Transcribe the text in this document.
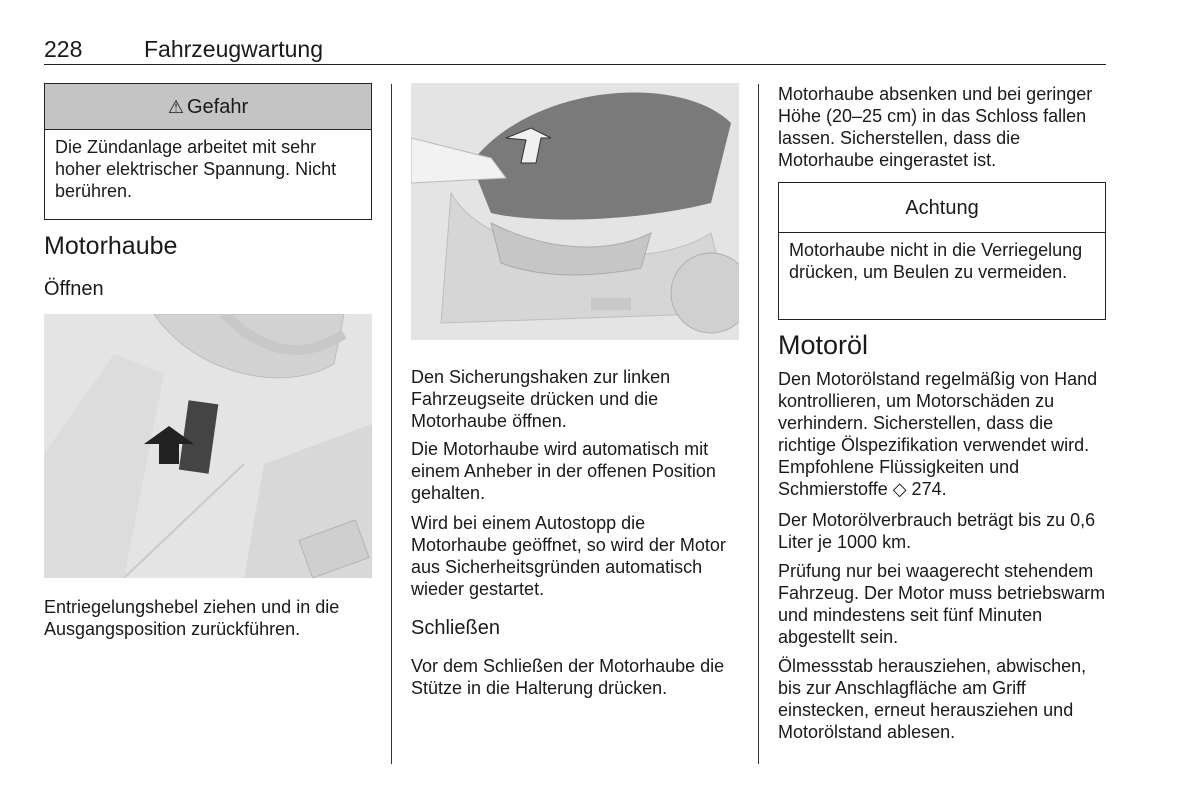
228	Fahrzeugwartung
⚠ Gefahr
Die Zündanlage arbeitet mit sehr hoher elektrischer Spannung. Nicht berühren.
Motorhaube
Öffnen
Entriegelungshebel ziehen und in die Ausgangsposition zurückführen.
Den Sicherungshaken zur linken Fahrzeugseite drücken und die Motorhaube öffnen.
Die Motorhaube wird automatisch mit einem Anheber in der offenen Position gehalten.
Wird bei einem Autostopp die Motorhaube geöffnet, so wird der Motor aus Sicherheitsgründen automatisch wieder gestartet.
Schließen
Vor dem Schließen der Motorhaube die Stütze in die Halterung drücken.
Motorhaube absenken und bei geringer Höhe (20–25 cm) in das Schloss fallen lassen. Sicherstellen, dass die Motorhaube eingerastet ist.
Achtung
Motorhaube nicht in die Verriegelung drücken, um Beulen zu vermeiden.
Motoröl
Den Motorölstand regelmäßig von Hand kontrollieren, um Motorschäden zu verhindern. Sicherstellen, dass die richtige Ölspezifikation verwendet wird. Empfohlene Flüssigkeiten und Schmierstoffe ◇ 274.
Der Motorölverbrauch beträgt bis zu 0,6 Liter je 1000 km.
Prüfung nur bei waagerecht stehendem Fahrzeug. Der Motor muss betriebswarm und mindestens seit fünf Minuten abgestellt sein.
Ölmessstab herausziehen, abwischen, bis zur Anschlagfläche am Griff einstecken, erneut herausziehen und Motorölstand ablesen.
